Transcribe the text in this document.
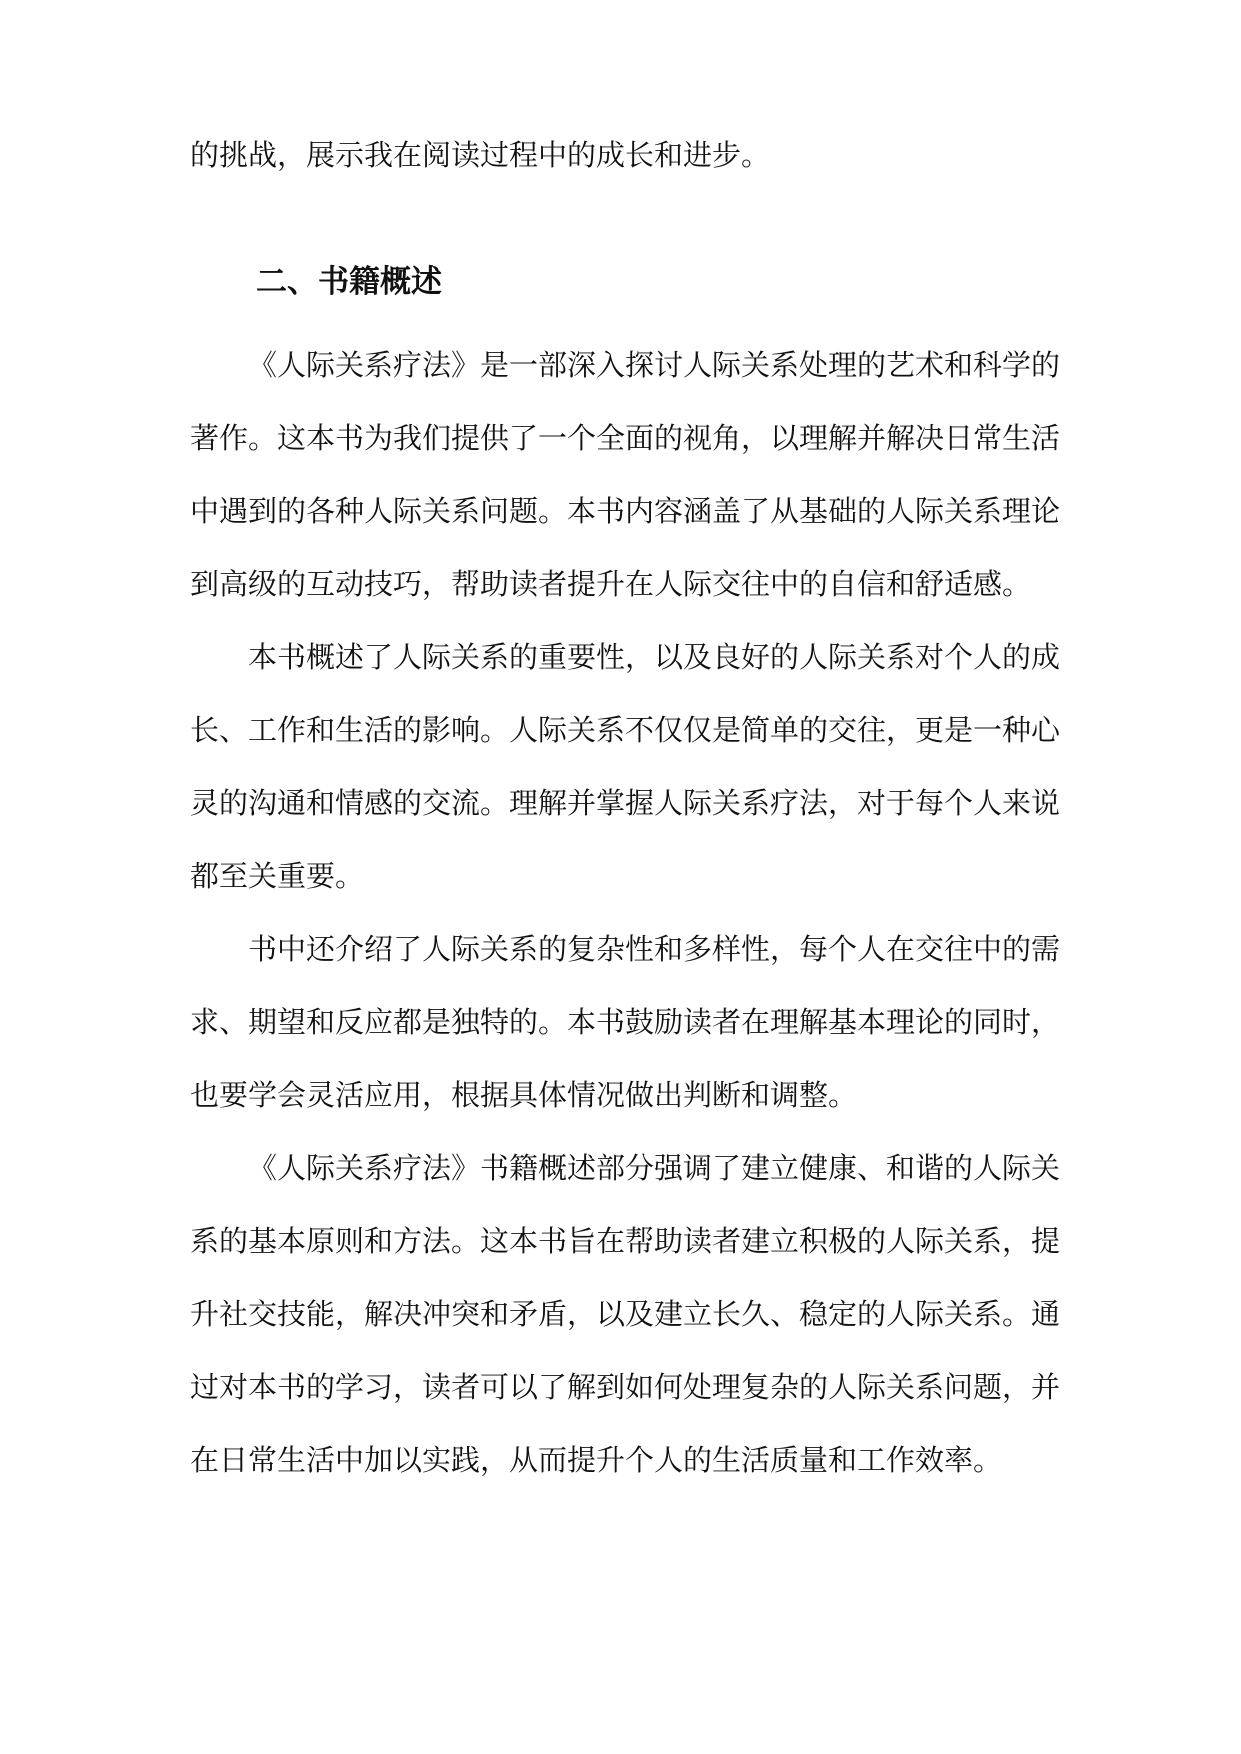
的挑战，展示我在阅读过程中的成长和进步。
二、书籍概述
《人际关系疗法》是一部深入探讨人际关系处理的艺术和科学的
著作。这本书为我们提供了一个全面的视角，以理解并解决日常生活
中遇到的各种人际关系问题。本书内容涵盖了从基础的人际关系理论
到高级的互动技巧，帮助读者提升在人际交往中的自信和舒适感。
本书概述了人际关系的重要性，以及良好的人际关系对个人的成
长、工作和生活的影响。人际关系不仅仅是简单的交往，更是一种心
灵的沟通和情感的交流。理解并掌握人际关系疗法，对于每个人来说
都至关重要。
书中还介绍了人际关系的复杂性和多样性，每个人在交往中的需
求、期望和反应都是独特的。本书鼓励读者在理解基本理论的同时，
也要学会灵活应用，根据具体情况做出判断和调整。
《人际关系疗法》书籍概述部分强调了建立健康、和谐的人际关
系的基本原则和方法。这本书旨在帮助读者建立积极的人际关系，提
升社交技能，解决冲突和矛盾，以及建立长久、稳定的人际关系。通
过对本书的学习，读者可以了解到如何处理复杂的人际关系问题，并
在日常生活中加以实践，从而提升个人的生活质量和工作效率。
